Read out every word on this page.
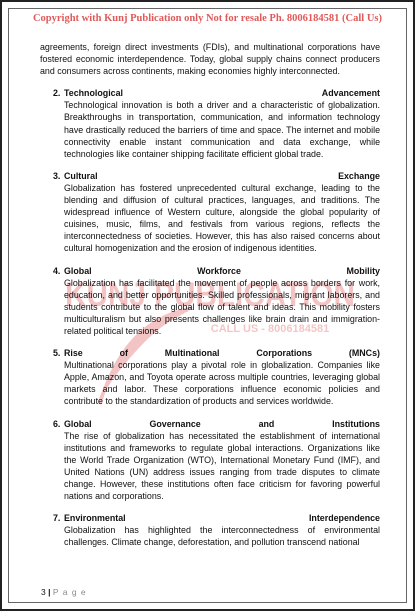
Copyright with Kunj Publication only Not for resale Ph. 8006184581 (Call Us)
KUNJ PUBLICATION
CALL US - 8006184581

agreements, foreign direct investments (FDIs), and multinational corporations have fostered economic interdependence. Today, global supply chains connect producers and consumers across continents, making economies highly interconnected.

2. Technological	Advancement
Technological innovation is both a driver and a characteristic of globalization. Breakthroughs in transportation, communication, and information technology have drastically reduced the barriers of time and space. The internet and mobile connectivity enable instant communication and data exchange, while technologies like container shipping facilitate efficient global trade.
3. Cultural	Exchange
Globalization has fostered unprecedented cultural exchange, leading to the blending and diffusion of cultural practices, languages, and traditions. The widespread influence of Western culture, alongside the global popularity of cuisines, music, films, and festivals from various regions, reflects the interconnectedness of societies. However, this has also raised concerns about cultural homogenization and the erosion of indigenous identities.
4. Global	Workforce	Mobility
Globalization has facilitated the movement of people across borders for work, education, and better opportunities. Skilled professionals, migrant laborers, and students contribute to the global flow of talent and ideas. This mobility fosters multiculturalism but also presents challenges like brain drain and immigration-related political tensions.
5. Rise	of	Multinational	Corporations	(MNCs)
Multinational corporations play a pivotal role in globalization. Companies like Apple, Amazon, and Toyota operate across multiple countries, leveraging global markets and labor. These corporations influence economic policies and contribute to the standardization of products and services worldwide.
6. Global	Governance	and	Institutions
The rise of globalization has necessitated the establishment of international institutions and frameworks to regulate global interactions. Organizations like the World Trade Organization (WTO), International Monetary Fund (IMF), and United Nations (UN) address issues ranging from trade disputes to climate change. However, these institutions often face criticism for favoring powerful nations and corporations.
7. Environmental	Interdependence
Globalization has highlighted the interconnectedness of environmental challenges. Climate change, deforestation, and pollution transcend national
3 | P a g e
